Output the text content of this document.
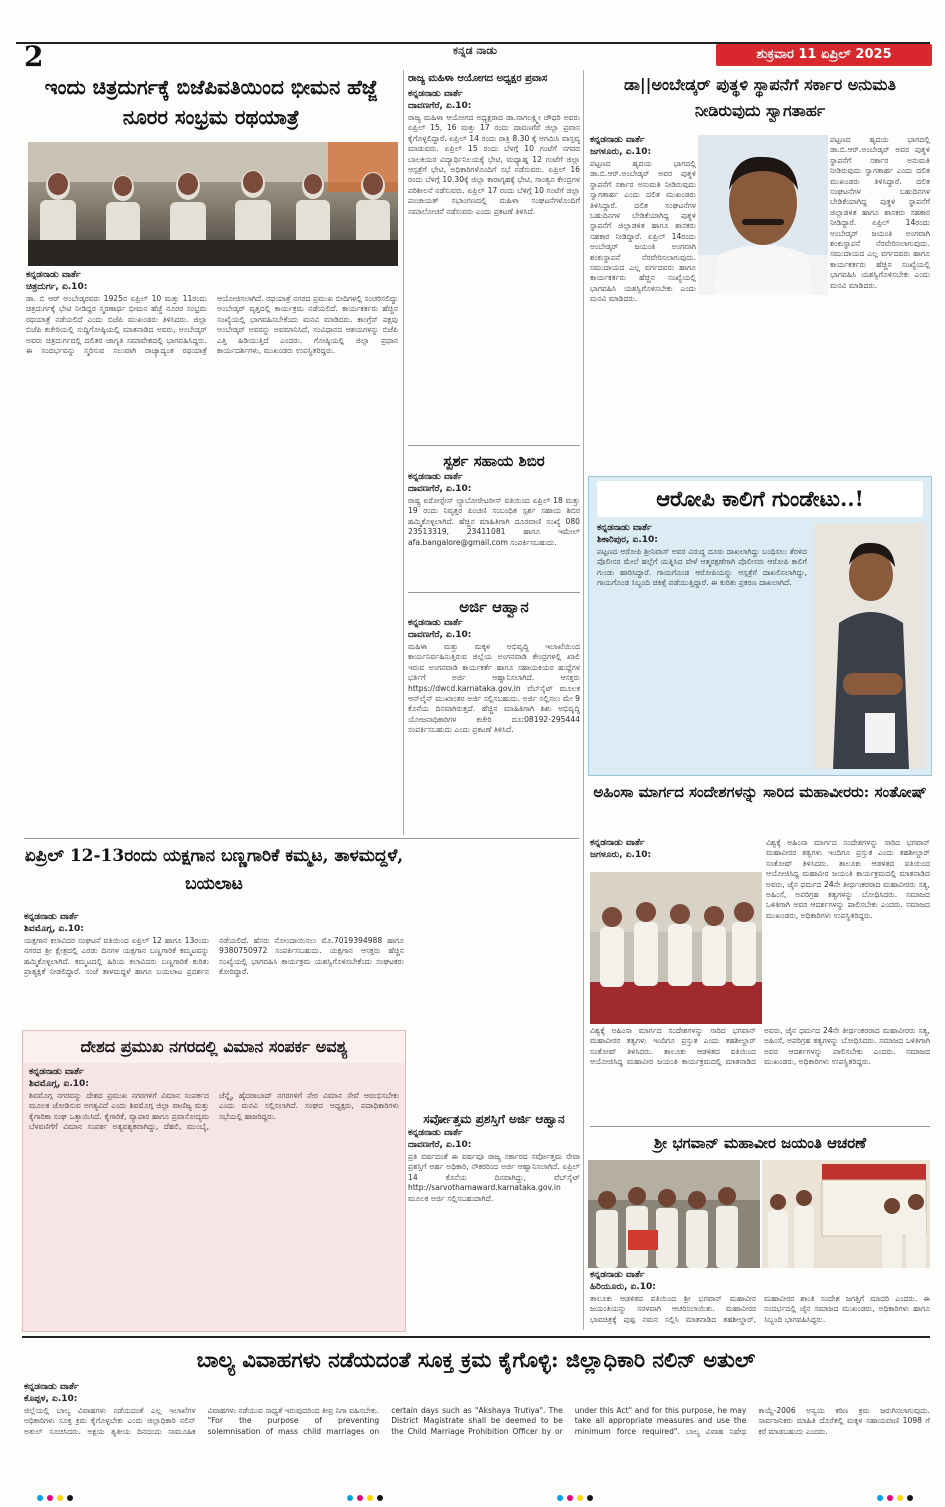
2	ಕನ್ನಡ ನಾಡು	ಶುಕ್ರವಾರ 11 ಏಪ್ರಿಲ್ 2025
ಇಂದು ಚಿತ್ರದುರ್ಗಕ್ಕೆ ಬಿಜೆಪಿವತಿಯಿಂದ ಭೀಮನ ಹೆಜ್ಜೆ ನೂರರ ಸಂಭ್ರಮ ರಥಯಾತ್ರೆ
ಕನ್ನಡನಾಡು ವಾರ್ತೆ
ಚಿತ್ರದುರ್ಗ, ಏ.10:
ಡಾ. ಬಿ ಆರ್ ಅಂಬೇಡ್ಕರವರು 1925ರ ಏಪ್ರಿಲ್ 10 ಮತ್ತು 11ರಂದು ಚಿತ್ರದುರ್ಗಕ್ಕೆ ಭೇಟಿ ನೀಡಿದ್ದರ ಸ್ಮರಣಾರ್ಥ ಭೀಮನ ಹೆಜ್ಜೆ ನೂರರ ಸಂಭ್ರಮ ರಥಯಾತ್ರೆ ನಡೆಯಲಿದೆ ಎಂದು ಬಿಜೆಪಿ ಮುಖಂಡರು ತಿಳಿಸಿದರು. ಜಿಲ್ಲಾ ಬಿಜೆಪಿ ಕಚೇರಿಯಲ್ಲಿ ಸುದ್ದಿಗೋಷ್ಠಿಯಲ್ಲಿ ಮಾತನಾಡಿದ ಅವರು, ಅಂಬೇಡ್ಕರ್ ಅವರು ಚಿತ್ರದುರ್ಗದಲ್ಲಿ ದಲಿತರ ಜಾಗೃತಿ ಸಮಾವೇಶದಲ್ಲಿ ಭಾಗವಹಿಸಿದ್ದರು. ಈ ಸಂದರ್ಭವನ್ನು ಸ್ಮರಿಸುವ ಸಲುವಾಗಿ ರಾಜ್ಯಾದ್ಯಂತ ರಥಯಾತ್ರೆ ಆಯೋಜಿಸಲಾಗಿದೆ. ರಥಯಾತ್ರೆ ನಗರದ ಪ್ರಮುಖ ಬೀದಿಗಳಲ್ಲಿ ಸಂಚರಿಸಲಿದ್ದು ಅಂಬೇಡ್ಕರ್ ವೃತ್ತದಲ್ಲಿ ಕಾರ್ಯಕ್ರಮ ನಡೆಯಲಿದೆ. ಕಾರ್ಯಕರ್ತರು ಹೆಚ್ಚಿನ ಸಂಖ್ಯೆಯಲ್ಲಿ ಭಾಗವಹಿಸಬೇಕೆಂದು ಮನವಿ ಮಾಡಿದರು. ಕಾಂಗ್ರೆಸ್ ಪಕ್ಷವು ಅಂಬೇಡ್ಕರ್ ಅವರನ್ನು ಅವಮಾನಿಸಿದೆ, ಸಂವಿಧಾನದ ಆಶಯಗಳನ್ನು ಬಿಜೆಪಿ ಎತ್ತಿ ಹಿಡಿಯುತ್ತಿದೆ ಎಂದರು. ಗೋಷ್ಠಿಯಲ್ಲಿ ಜಿಲ್ಲಾ ಪ್ರಧಾನ ಕಾರ್ಯದರ್ಶಿಗಳು, ಮುಖಂಡರು ಉಪಸ್ಥಿತರಿದ್ದರು.
ರಾಜ್ಯ ಮಹಿಳಾ ಆಯೋಗದ ಅಧ್ಯಕ್ಷರ ಪ್ರವಾಸ
ಕನ್ನಡನಾಡು ವಾರ್ತೆ
ದಾವಣಗೆರೆ, ಏ.10:
ರಾಜ್ಯ ಮಹಿಳಾ ಆಯೋಗದ ಅಧ್ಯಕ್ಷರಾದ ಡಾ.ನಾಗಲಕ್ಷ್ಮೀ ಚೌಧರಿ ಅವರು ಏಪ್ರಿಲ್ 15, 16 ಮತ್ತು 17 ರಂದು ದಾವಣಗೆರೆ ಜಿಲ್ಲಾ ಪ್ರವಾಸ ಕೈಗೊಳ್ಳಲಿದ್ದಾರೆ. ಏಪ್ರಿಲ್ 14 ರಂದು ರಾತ್ರಿ 8.30 ಕ್ಕೆ ಆಗಮಿಸಿ ವಾಸ್ತವ್ಯ ಮಾಡುವರು. ಏಪ್ರಿಲ್ 15 ರಂದು ಬೆಳಗ್ಗೆ 10 ಗಂಟೆಗೆ ನಗರದ ಬಾಲಕಿಯರ ವಿದ್ಯಾರ್ಥಿನಿಲಯಕ್ಕೆ ಭೇಟಿ, ಮಧ್ಯಾಹ್ನ 12 ಗಂಟೆಗೆ ಜಿಲ್ಲಾ ಆಸ್ಪತ್ರೆಗೆ ಭೇಟಿ, ಅಧಿಕಾರಿಗಳೊಂದಿಗೆ ಸಭೆ ನಡೆಸುವರು. ಏಪ್ರಿಲ್ 16 ರಂದು ಬೆಳಿಗ್ಗೆ 10.30ಕ್ಕೆ ಜಿಲ್ಲಾ ಕಾರಾಗೃಹಕ್ಕೆ ಭೇಟಿ, ಸಾಂತ್ವನ ಕೇಂದ್ರಗಳ ಪರಿಶೀಲನೆ ನಡೆಸುವರು. ಏಪ್ರಿಲ್ 17 ರಂದು ಬೆಳಿಗ್ಗೆ 10 ಗಂಟೆಗೆ ಜಿಲ್ಲಾ ಪಂಚಾಯತ್ ಸಭಾಂಗಣದಲ್ಲಿ ಮಹಿಳಾ ಸಂಘಟನೆಗಳೊಂದಿಗೆ ಸಮಾಲೋಚನೆ ನಡೆಸುವರು ಎಂದು ಪ್ರಕಟಣೆ ತಿಳಿಸಿದೆ.
ಸ್ಪರ್ಶ ಸಹಾಯ ಶಿಬಿರ
ಕನ್ನಡನಾಡು ವಾರ್ತೆ
ದಾವಣಗೆರೆ, ಏ.10:
ರಾಷ್ಟ್ರ ಏರೋಸ್ಪೇಸ್ ಲ್ಯಾಬೋರೇಟರೀಸ್ ವತಿಯಿಂದ ಏಪ್ರಿಲ್ 18 ಮತ್ತು 19 ರಂದು ನಿವೃತ್ತರ ಪಿಂಚಣಿ ಸಂಬಂಧಿತ ಸ್ಪರ್ಶ ಸಹಾಯ ಶಿಬಿರ ಹಮ್ಮಿಕೊಳ್ಳಲಾಗಿದೆ. ಹೆಚ್ಚಿನ ಮಾಹಿತಿಗಾಗಿ ದೂರವಾಣಿ ಸಂಖ್ಯೆ 080 23513319, 23411081 ಹಾಗೂ ಇಮೇಲ್ afa.bangalore@gmail.com ಸಂಪರ್ಕಿಸಬಹುದು.
ಅರ್ಜಿ ಆಹ್ವಾನ
ಕನ್ನಡನಾಡು ವಾರ್ತೆ
ದಾವಣಗೆರೆ, ಏ.10:
ಮಹಿಳಾ ಮತ್ತು ಮಕ್ಕಳ ಅಭಿವೃದ್ಧಿ ಇಲಾಖೆಯಿಂದ ಕಾರ್ಯನಿರ್ವಹಿಸುತ್ತಿರುವ ಜಿಲ್ಲೆಯ ಅಂಗನವಾಡಿ ಕೇಂದ್ರಗಳಲ್ಲಿ ಖಾಲಿ ಇರುವ ಅಂಗನವಾಡಿ ಕಾರ್ಯಕರ್ತೆ ಹಾಗೂ ಸಹಾಯಕಿಯರ ಹುದ್ದೆಗಳ ಭರ್ತಿಗೆ ಅರ್ಜಿ ಆಹ್ವಾನಿಸಲಾಗಿದೆ. ಆಸಕ್ತರು https://dwcd.karnataka.gov.in ವೆಬ್‌ಸೈಟ್ ಮೂಲಕ ಆನ್‌ಲೈನ್ ಮುಖಾಂತರ ಅರ್ಜಿ ಸಲ್ಲಿಸಬಹುದು. ಅರ್ಜಿ ಸಲ್ಲಿಸಲು ಮೇ 9 ಕೊನೆಯ ದಿನವಾಗಿರುತ್ತದೆ. ಹೆಚ್ಚಿನ ಮಾಹಿತಿಗಾಗಿ ಶಿಶು ಅಭಿವೃದ್ಧಿ ಯೋಜನಾಧಿಕಾರಿಗಳ ಕಚೇರಿ ದೂ:08192-295444 ಸಂಪರ್ಕಿಸಬಹುದು ಎಂದು ಪ್ರಕಟಣೆ ತಿಳಿಸಿದೆ.
ಡಾ||ಅಂಬೇಡ್ಕರ್ ಪುತ್ಥಳಿ ಸ್ಥಾಪನೆಗೆ ಸರ್ಕಾರ ಅನುಮತಿ ನೀಡಿರುವುದು ಸ್ವಾಗತಾರ್ಹ
ಕನ್ನಡನಾಡು ವಾರ್ತೆ
ಜಗಳೂರು, ಏ.10:
ಪಟ್ಟಣದ ಹೃದಯ ಭಾಗದಲ್ಲಿ ಡಾ.ಬಿ.ಆರ್.ಅಂಬೇಡ್ಕರ್ ಅವರ ಪುತ್ಥಳಿ ಸ್ಥಾಪನೆಗೆ ಸರ್ಕಾರ ಅನುಮತಿ ನೀಡಿರುವುದು ಸ್ವಾಗತಾರ್ಹ ಎಂದು ದಲಿತ ಮುಖಂಡರು ತಿಳಿಸಿದ್ದಾರೆ. ದಲಿತ ಸಂಘಟನೆಗಳ ಬಹುದಿನಗಳ ಬೇಡಿಕೆಯಾಗಿದ್ದ ಪುತ್ಥಳಿ ಸ್ಥಾಪನೆಗೆ ಜಿಲ್ಲಾಡಳಿತ ಹಾಗೂ ಶಾಸಕರು ಸಹಕಾರ ನೀಡಿದ್ದಾರೆ. ಏಪ್ರಿಲ್ 14ರಂದು ಅಂಬೇಡ್ಕರ್ ಜಯಂತಿ ಅಂಗವಾಗಿ ಶಂಕುಸ್ಥಾಪನೆ ನೆರವೇರಿಸಲಾಗುವುದು. ಸಮುದಾಯದ ಎಲ್ಲ ವರ್ಗದವರು ಹಾಗೂ ಕಾರ್ಯಕರ್ತರು ಹೆಚ್ಚಿನ ಸಂಖ್ಯೆಯಲ್ಲಿ ಭಾಗವಹಿಸಿ ಯಶಸ್ವಿಗೊಳಿಸಬೇಕು ಎಂದು ಮನವಿ ಮಾಡಿದರು.
ಪಟ್ಟಣದ ಹೃದಯ ಭಾಗದಲ್ಲಿ ಡಾ.ಬಿ.ಆರ್.ಅಂಬೇಡ್ಕರ್ ಅವರ ಪುತ್ಥಳಿ ಸ್ಥಾಪನೆಗೆ ಸರ್ಕಾರ ಅನುಮತಿ ನೀಡಿರುವುದು ಸ್ವಾಗತಾರ್ಹ ಎಂದು ದಲಿತ ಮುಖಂಡರು ತಿಳಿಸಿದ್ದಾರೆ. ದಲಿತ ಸಂಘಟನೆಗಳ ಬಹುದಿನಗಳ ಬೇಡಿಕೆಯಾಗಿದ್ದ ಪುತ್ಥಳಿ ಸ್ಥಾಪನೆಗೆ ಜಿಲ್ಲಾಡಳಿತ ಹಾಗೂ ಶಾಸಕರು ಸಹಕಾರ ನೀಡಿದ್ದಾರೆ. ಏಪ್ರಿಲ್ 14ರಂದು ಅಂಬೇಡ್ಕರ್ ಜಯಂತಿ ಅಂಗವಾಗಿ ಶಂಕುಸ್ಥಾಪನೆ ನೆರವೇರಿಸಲಾಗುವುದು. ಸಮುದಾಯದ ಎಲ್ಲ ವರ್ಗದವರು ಹಾಗೂ ಕಾರ್ಯಕರ್ತರು ಹೆಚ್ಚಿನ ಸಂಖ್ಯೆಯಲ್ಲಿ ಭಾಗವಹಿಸಿ ಯಶಸ್ವಿಗೊಳಿಸಬೇಕು ಎಂದು ಮನವಿ ಮಾಡಿದರು.
ಆರೋಪಿ ಕಾಲಿಗೆ ಗುಂಡೇಟು..!
ಕನ್ನಡನಾಡು ವಾರ್ತೆ
ಶಿಕಾರಿಪುರ, ಏ.10:
ಪಟ್ಟಣದ ಆರೋಪಿ ಶ್ರೀನಿವಾಸ್ ಅವರ ವಿರುದ್ಧ ದೂರು ದಾಖಲಾಗಿದ್ದು ಬಂಧಿಸಲು ತೆರಳಿದ ಪೊಲೀಸರ ಮೇಲೆ ಹಲ್ಲೆಗೆ ಯತ್ನಿಸಿದ ವೇಳೆ ಆತ್ಮರಕ್ಷಣೆಗಾಗಿ ಪೊಲೀಸರು ಆರೋಪಿ ಕಾಲಿಗೆ ಗುಂಡು ಹಾರಿಸಿದ್ದಾರೆ. ಗಾಯಗೊಂಡ ಆರೋಪಿಯನ್ನು ಆಸ್ಪತ್ರೆಗೆ ದಾಖಲಿಸಲಾಗಿದ್ದು, ಗಾಯಗೊಂಡ ಸಿಬ್ಬಂದಿ ಚಿಕಿತ್ಸೆ ಪಡೆಯುತ್ತಿದ್ದಾರೆ. ಈ ಕುರಿತು ಪ್ರಕರಣ ದಾಖಲಾಗಿದೆ.
ಅಹಿಂಸಾ ಮಾರ್ಗದ ಸಂದೇಶಗಳನ್ನು ಸಾರಿದ ಮಹಾವೀರರು: ಸಂತೋಷ್
ಕನ್ನಡನಾಡು ವಾರ್ತೆ
ಜಗಳೂರು, ಏ.10:
ವಿಶ್ವಕ್ಕೆ ಅಹಿಂಸಾ ಮಾರ್ಗದ ಸಂದೇಶಗಳನ್ನು ಸಾರಿದ ಭಗವಾನ್ ಮಹಾವೀರರ ತತ್ವಗಳು ಇಂದಿಗೂ ಪ್ರಸ್ತುತ ಎಂದು ತಹಶೀಲ್ದಾರ್ ಸಂತೋಷ್ ತಿಳಿಸಿದರು. ತಾಲೂಕು ಆಡಳಿತದ ವತಿಯಿಂದ ಆಯೋಜಿಸಿದ್ದ ಮಹಾವೀರ ಜಯಂತಿ ಕಾರ್ಯಕ್ರಮದಲ್ಲಿ ಮಾತನಾಡಿದ ಅವರು, ಜೈನ ಧರ್ಮದ 24ನೇ ತೀರ್ಥಂಕರರಾದ ಮಹಾವೀರರು ಸತ್ಯ, ಅಹಿಂಸೆ, ಅಪರಿಗ್ರಹ ತತ್ವಗಳನ್ನು ಬೋಧಿಸಿದರು. ಸಮಾಜದ ಒಳಿತಿಗಾಗಿ ಅವರ ಆದರ್ಶಗಳನ್ನು ಪಾಲಿಸಬೇಕು ಎಂದರು. ಸಮಾಜದ ಮುಖಂಡರು, ಅಧಿಕಾರಿಗಳು ಉಪಸ್ಥಿತರಿದ್ದರು.
ವಿಶ್ವಕ್ಕೆ ಅಹಿಂಸಾ ಮಾರ್ಗದ ಸಂದೇಶಗಳನ್ನು ಸಾರಿದ ಭಗವಾನ್ ಮಹಾವೀರರ ತತ್ವಗಳು ಇಂದಿಗೂ ಪ್ರಸ್ತುತ ಎಂದು ತಹಶೀಲ್ದಾರ್ ಸಂತೋಷ್ ತಿಳಿಸಿದರು. ತಾಲೂಕು ಆಡಳಿತದ ವತಿಯಿಂದ ಆಯೋಜಿಸಿದ್ದ ಮಹಾವೀರ ಜಯಂತಿ ಕಾರ್ಯಕ್ರಮದಲ್ಲಿ ಮಾತನಾಡಿದ ಅವರು, ಜೈನ ಧರ್ಮದ 24ನೇ ತೀರ್ಥಂಕರರಾದ ಮಹಾವೀರರು ಸತ್ಯ, ಅಹಿಂಸೆ, ಅಪರಿಗ್ರಹ ತತ್ವಗಳನ್ನು ಬೋಧಿಸಿದರು. ಸಮಾಜದ ಒಳಿತಿಗಾಗಿ ಅವರ ಆದರ್ಶಗಳನ್ನು ಪಾಲಿಸಬೇಕು ಎಂದರು. ಸಮಾಜದ ಮುಖಂಡರು, ಅಧಿಕಾರಿಗಳು ಉಪಸ್ಥಿತರಿದ್ದರು.
ಶ್ರೀ ಭಗವಾನ್ ಮಹಾವೀರ ಜಯಂತಿ ಆಚರಣೆ
ಕನ್ನಡನಾಡು ವಾರ್ತೆ
ಹಿರಿಯೂರು, ಏ.10:
ತಾಲೂಕು ಆಡಳಿತದ ವತಿಯಿಂದ ಶ್ರೀ ಭಗವಾನ್ ಮಹಾವೀರ ಜಯಂತಿಯನ್ನು ಸರಳವಾಗಿ ಆಚರಿಸಲಾಯಿತು. ಮಹಾವೀರರ ಭಾವಚಿತ್ರಕ್ಕೆ ಪುಷ್ಪ ನಮನ ಸಲ್ಲಿಸಿ ಮಾತನಾಡಿದ ತಹಶೀಲ್ದಾರ್, ಮಹಾವೀರರ ಶಾಂತಿ ಸಂದೇಶ ಜಗತ್ತಿಗೆ ಮಾದರಿ ಎಂದರು. ಈ ಸಂದರ್ಭದಲ್ಲಿ ಜೈನ ಸಮಾಜದ ಮುಖಂಡರು, ಅಧಿಕಾರಿಗಳು ಹಾಗೂ ಸಿಬ್ಬಂದಿ ಭಾಗವಹಿಸಿದ್ದರು.
ಏಪ್ರಿಲ್ 12-13ರಂದು ಯಕ್ಷಗಾನ ಬಣ್ಣಗಾರಿಕೆ ಕಮ್ಮಟ, ತಾಳಮದ್ದಳೆ, ಬಯಲಾಟ
ಕನ್ನಡನಾಡು ವಾರ್ತೆ
ಶಿವಮೊಗ್ಗ, ಏ.10:
ಯಕ್ಷಗಾನ ಕಲಾವಿದರ ಸಂಘಟನೆ ವತಿಯಿಂದ ಏಪ್ರಿಲ್ 12 ಹಾಗೂ 13ರಂದು ನಗರದ ಶ್ರೀ ಕ್ಷೇತ್ರದಲ್ಲಿ ಎರಡು ದಿನಗಳ ಯಕ್ಷಗಾನ ಬಣ್ಣಗಾರಿಕೆ ಕಮ್ಮಟವನ್ನು ಹಮ್ಮಿಕೊಳ್ಳಲಾಗಿದೆ. ಕಮ್ಮಟದಲ್ಲಿ ಹಿರಿಯ ಕಲಾವಿದರು ಬಣ್ಣಗಾರಿಕೆ ಕುರಿತು ಪ್ರಾತ್ಯಕ್ಷಿಕೆ ನೀಡಲಿದ್ದಾರೆ. ಸಂಜೆ ತಾಳಮದ್ದಳೆ ಹಾಗೂ ಬಯಲಾಟ ಪ್ರದರ್ಶನ ನಡೆಯಲಿದೆ. ಹೆಸರು ನೋಂದಾಯಿಸಲು ಮೊ.7019394988 ಹಾಗೂ 9380750972 ಸಂಪರ್ಕಿಸಬಹುದು. ಯಕ್ಷಗಾನ ಆಸಕ್ತರು ಹೆಚ್ಚಿನ ಸಂಖ್ಯೆಯಲ್ಲಿ ಭಾಗವಹಿಸಿ ಕಾರ್ಯಕ್ರಮ ಯಶಸ್ವಿಗೊಳಿಸಬೇಕೆಂದು ಸಂಘಟಕರು ಕೋರಿದ್ದಾರೆ.
ಸರ್ವೋತ್ತಮ ಪ್ರಶಸ್ತಿಗೆ ಅರ್ಜಿ ಆಹ್ವಾನ
ಕನ್ನಡನಾಡು ವಾರ್ತೆ
ದಾವಣಗೆರೆ, ಏ.10:
ಪ್ರತಿ ವರ್ಷದಂತೆ ಈ ವರ್ಷವೂ ರಾಜ್ಯ ಸರ್ಕಾರದ ಸರ್ವೋತ್ತಮ ಸೇವಾ ಪ್ರಶಸ್ತಿಗೆ ಅರ್ಹ ಅಧಿಕಾರಿ, ನೌಕರರಿಂದ ಅರ್ಜಿ ಆಹ್ವಾನಿಸಲಾಗಿದೆ. ಏಪ್ರಿಲ್ 14 ಕೊನೆಯ ದಿನವಾಗಿದ್ದು, ವೆಬ್‌ಸೈಟ್ http://sarvothamaward.karnataka.gov.in ಮೂಲಕ ಅರ್ಜಿ ಸಲ್ಲಿಸಬಹುದಾಗಿದೆ.
ದೇಶದ ಪ್ರಮುಖ ನಗರದಲ್ಲಿ ವಿಮಾನ ಸಂಪರ್ಕ ಅವಶ್ಯ
ಕನ್ನಡನಾಡು ವಾರ್ತೆ
ಶಿವಮೊಗ್ಗ, ಏ.10:
ಶಿವಮೊಗ್ಗ ನಗರವನ್ನು ದೇಶದ ಪ್ರಮುಖ ನಗರಗಳಿಗೆ ವಿಮಾನ ಸಂಪರ್ಕದ ಮೂಲಕ ಜೋಡಿಸುವ ಅಗತ್ಯವಿದೆ ಎಂದು ಶಿವಮೊಗ್ಗ ಜಿಲ್ಲಾ ವಾಣಿಜ್ಯ ಮತ್ತು ಕೈಗಾರಿಕಾ ಸಂಘ ಒತ್ತಾಯಿಸಿದೆ. ಕೈಗಾರಿಕೆ, ವ್ಯಾಪಾರ ಹಾಗೂ ಪ್ರವಾಸೋದ್ಯಮ ಬೆಳವಣಿಗೆಗೆ ವಿಮಾನ ಸಂಪರ್ಕ ಅತ್ಯವಶ್ಯಕವಾಗಿದ್ದು, ದೆಹಲಿ, ಮುಂಬೈ, ಚೆನ್ನೈ, ಹೈದರಾಬಾದ್ ನಗರಗಳಿಗೆ ನೇರ ವಿಮಾನ ಸೇವೆ ಆರಂಭಿಸಬೇಕು ಎಂದು ಮನವಿ ಸಲ್ಲಿಸಲಾಗಿದೆ. ಸಂಘದ ಅಧ್ಯಕ್ಷರು, ಪದಾಧಿಕಾರಿಗಳು ಸಭೆಯಲ್ಲಿ ಹಾಜರಿದ್ದರು.
ಬಾಲ್ಯ ವಿವಾಹಗಳು ನಡೆಯದಂತೆ ಸೂಕ್ತ ಕ್ರಮ ಕೈಗೊಳ್ಳಿ: ಜಿಲ್ಲಾಧಿಕಾರಿ ನಲಿನ್ ಅತುಲ್
ಕನ್ನಡನಾಡು ವಾರ್ತೆ
ಕೊಪ್ಪಳ, ಏ.10:
ಜಿಲ್ಲೆಯಲ್ಲಿ ಬಾಲ್ಯ ವಿವಾಹಗಳು ನಡೆಯದಂತೆ ಎಲ್ಲ ಇಲಾಖೆಗಳ ಅಧಿಕಾರಿಗಳು ಸೂಕ್ತ ಕ್ರಮ ಕೈಗೊಳ್ಳಬೇಕು ಎಂದು ಜಿಲ್ಲಾಧಿಕಾರಿ ನಲಿನ್ ಅತುಲ್ ಸೂಚಿಸಿದರು. ಅಕ್ಷಯ ತೃತೀಯ ದಿನದಂದು ಸಾಮೂಹಿಕ ವಿವಾಹಗಳು ನಡೆಯುವ ಸಾಧ್ಯತೆ ಇರುವುದರಿಂದ ತೀವ್ರ ನಿಗಾ ವಹಿಸಬೇಕು. "For the purpose of preventing solemnisation of mass child marriages on certain days such as "Akshaya Trutiya". The District Magistrate shall be deemed to be the Child Marriage Prohibition Officer by or under this Act" and for this purpose, he may take all appropriate measures and use the minimum force required". ಬಾಲ್ಯ ವಿವಾಹ ನಿಷೇಧ ಕಾಯ್ದೆ-2006 ಅನ್ವಯ ಕಠಿಣ ಕ್ರಮ ಜರುಗಿಸಲಾಗುವುದು. ಸಾರ್ವಜನಿಕರು ಮಾಹಿತಿ ದೊರೆತಲ್ಲಿ ಮಕ್ಕಳ ಸಹಾಯವಾಣಿ 1098 ಗೆ ಕರೆ ಮಾಡಬಹುದು ಎಂದರು.
